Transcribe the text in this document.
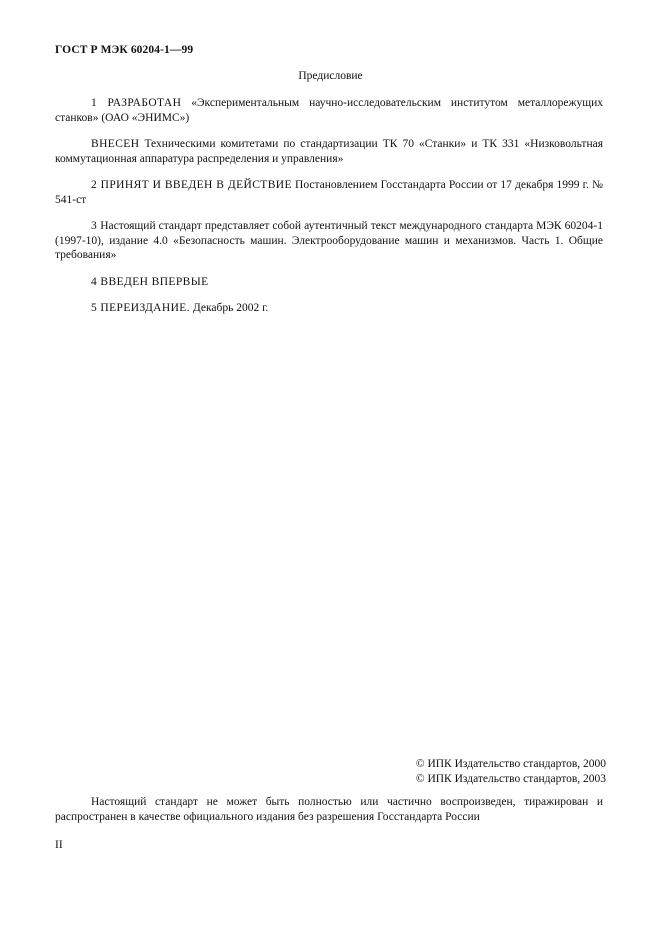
ГОСТ Р МЭК 60204-1—99
Предисловие

1 РАЗРАБОТАН «Экспериментальным научно-исследовательским институтом металлорежущих станков» (ОАО «ЭНИМС»)

ВНЕСЕН Техническими комитетами по стандартизации ТК 70 «Станки» и ТК 331 «Низковольтная коммутационная аппаратура распределения и управления»

2 ПРИНЯТ И ВВЕДЕН В ДЕЙСТВИЕ Постановлением Госстандарта России от 17 декабря 1999 г. № 541-ст

3 Настоящий стандарт представляет собой аутентичный текст международного стандарта МЭК 60204-1 (1997-10), издание 4.0 «Безопасность машин. Электрооборудование машин и механизмов. Часть 1. Общие требования»

4 ВВЕДЕН ВПЕРВЫЕ

5 ПЕРЕИЗДАНИЕ. Декабрь 2002 г.

© ИПК Издательство стандартов, 2000
© ИПК Издательство стандартов, 2003
Настоящий стандарт не может быть полностью или частично воспроизведен, тиражирован и распространен в качестве официального издания без разрешения Госстандарта России
II
